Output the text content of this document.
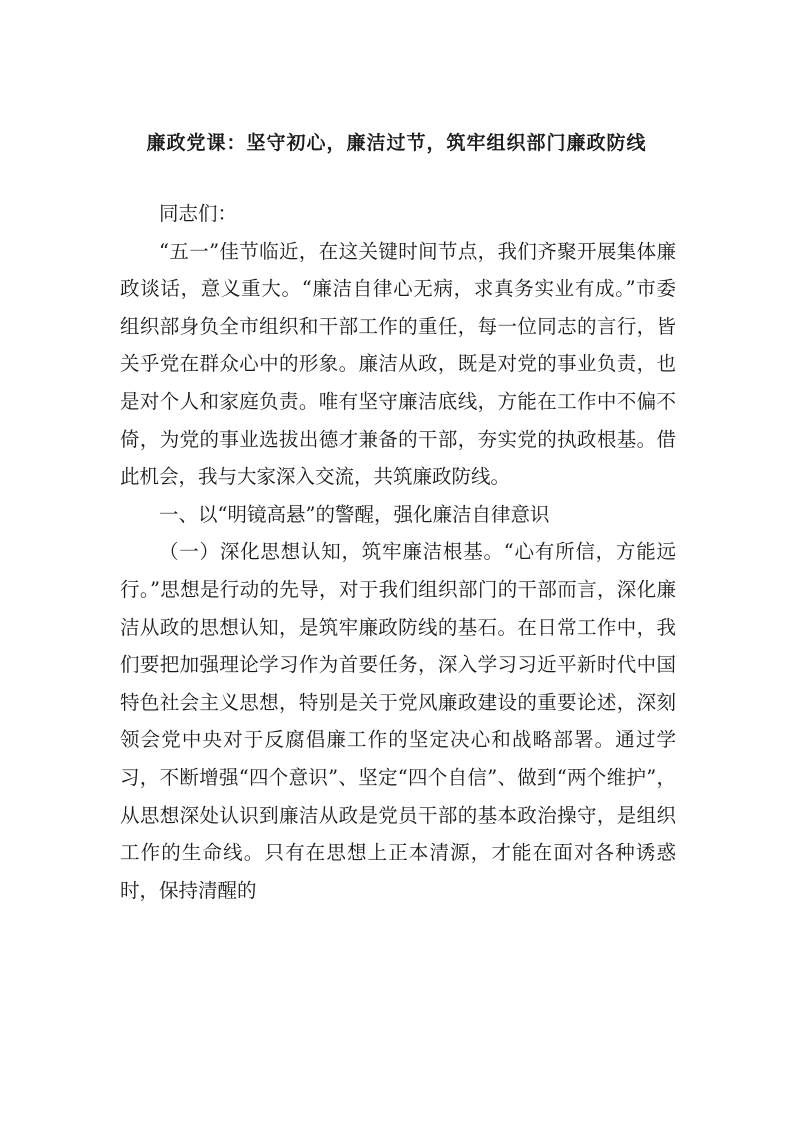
廉政党课：坚守初心，廉洁过节，筑牢组织部门廉政防线

同志们：

“五一”佳节临近，在这关键时间节点，我们齐聚开展集体廉政谈话，意义重大。“廉洁自律心无病，求真务实业有成。”市委组织部身负全市组织和干部工作的重任，每一位同志的言行，皆关乎党在群众心中的形象。廉洁从政，既是对党的事业负责，也是对个人和家庭负责。唯有坚守廉洁底线，方能在工作中不偏不倚，为党的事业选拔出德才兼备的干部，夯实党的执政根基。借此机会，我与大家深入交流，共筑廉政防线。

一、以“明镜高悬”的警醒，强化廉洁自律意识

（一）深化思想认知，筑牢廉洁根基。“心有所信，方能远行。”思想是行动的先导，对于我们组织部门的干部而言，深化廉洁从政的思想认知，是筑牢廉政防线的基石。在日常工作中，我们要把加强理论学习作为首要任务，深入学习习近平新时代中国特色社会主义思想，特别是关于党风廉政建设的重要论述，深刻领会党中央对于反腐倡廉工作的坚定决心和战略部署。通过学习，不断增强“四个意识”、坚定“四个自信”、做到“两个维护”，从思想深处认识到廉洁从政是党员干部的基本政治操守，是组织工作的生命线。只有在思想上正本清源，才能在面对各种诱惑时，保持清醒的
